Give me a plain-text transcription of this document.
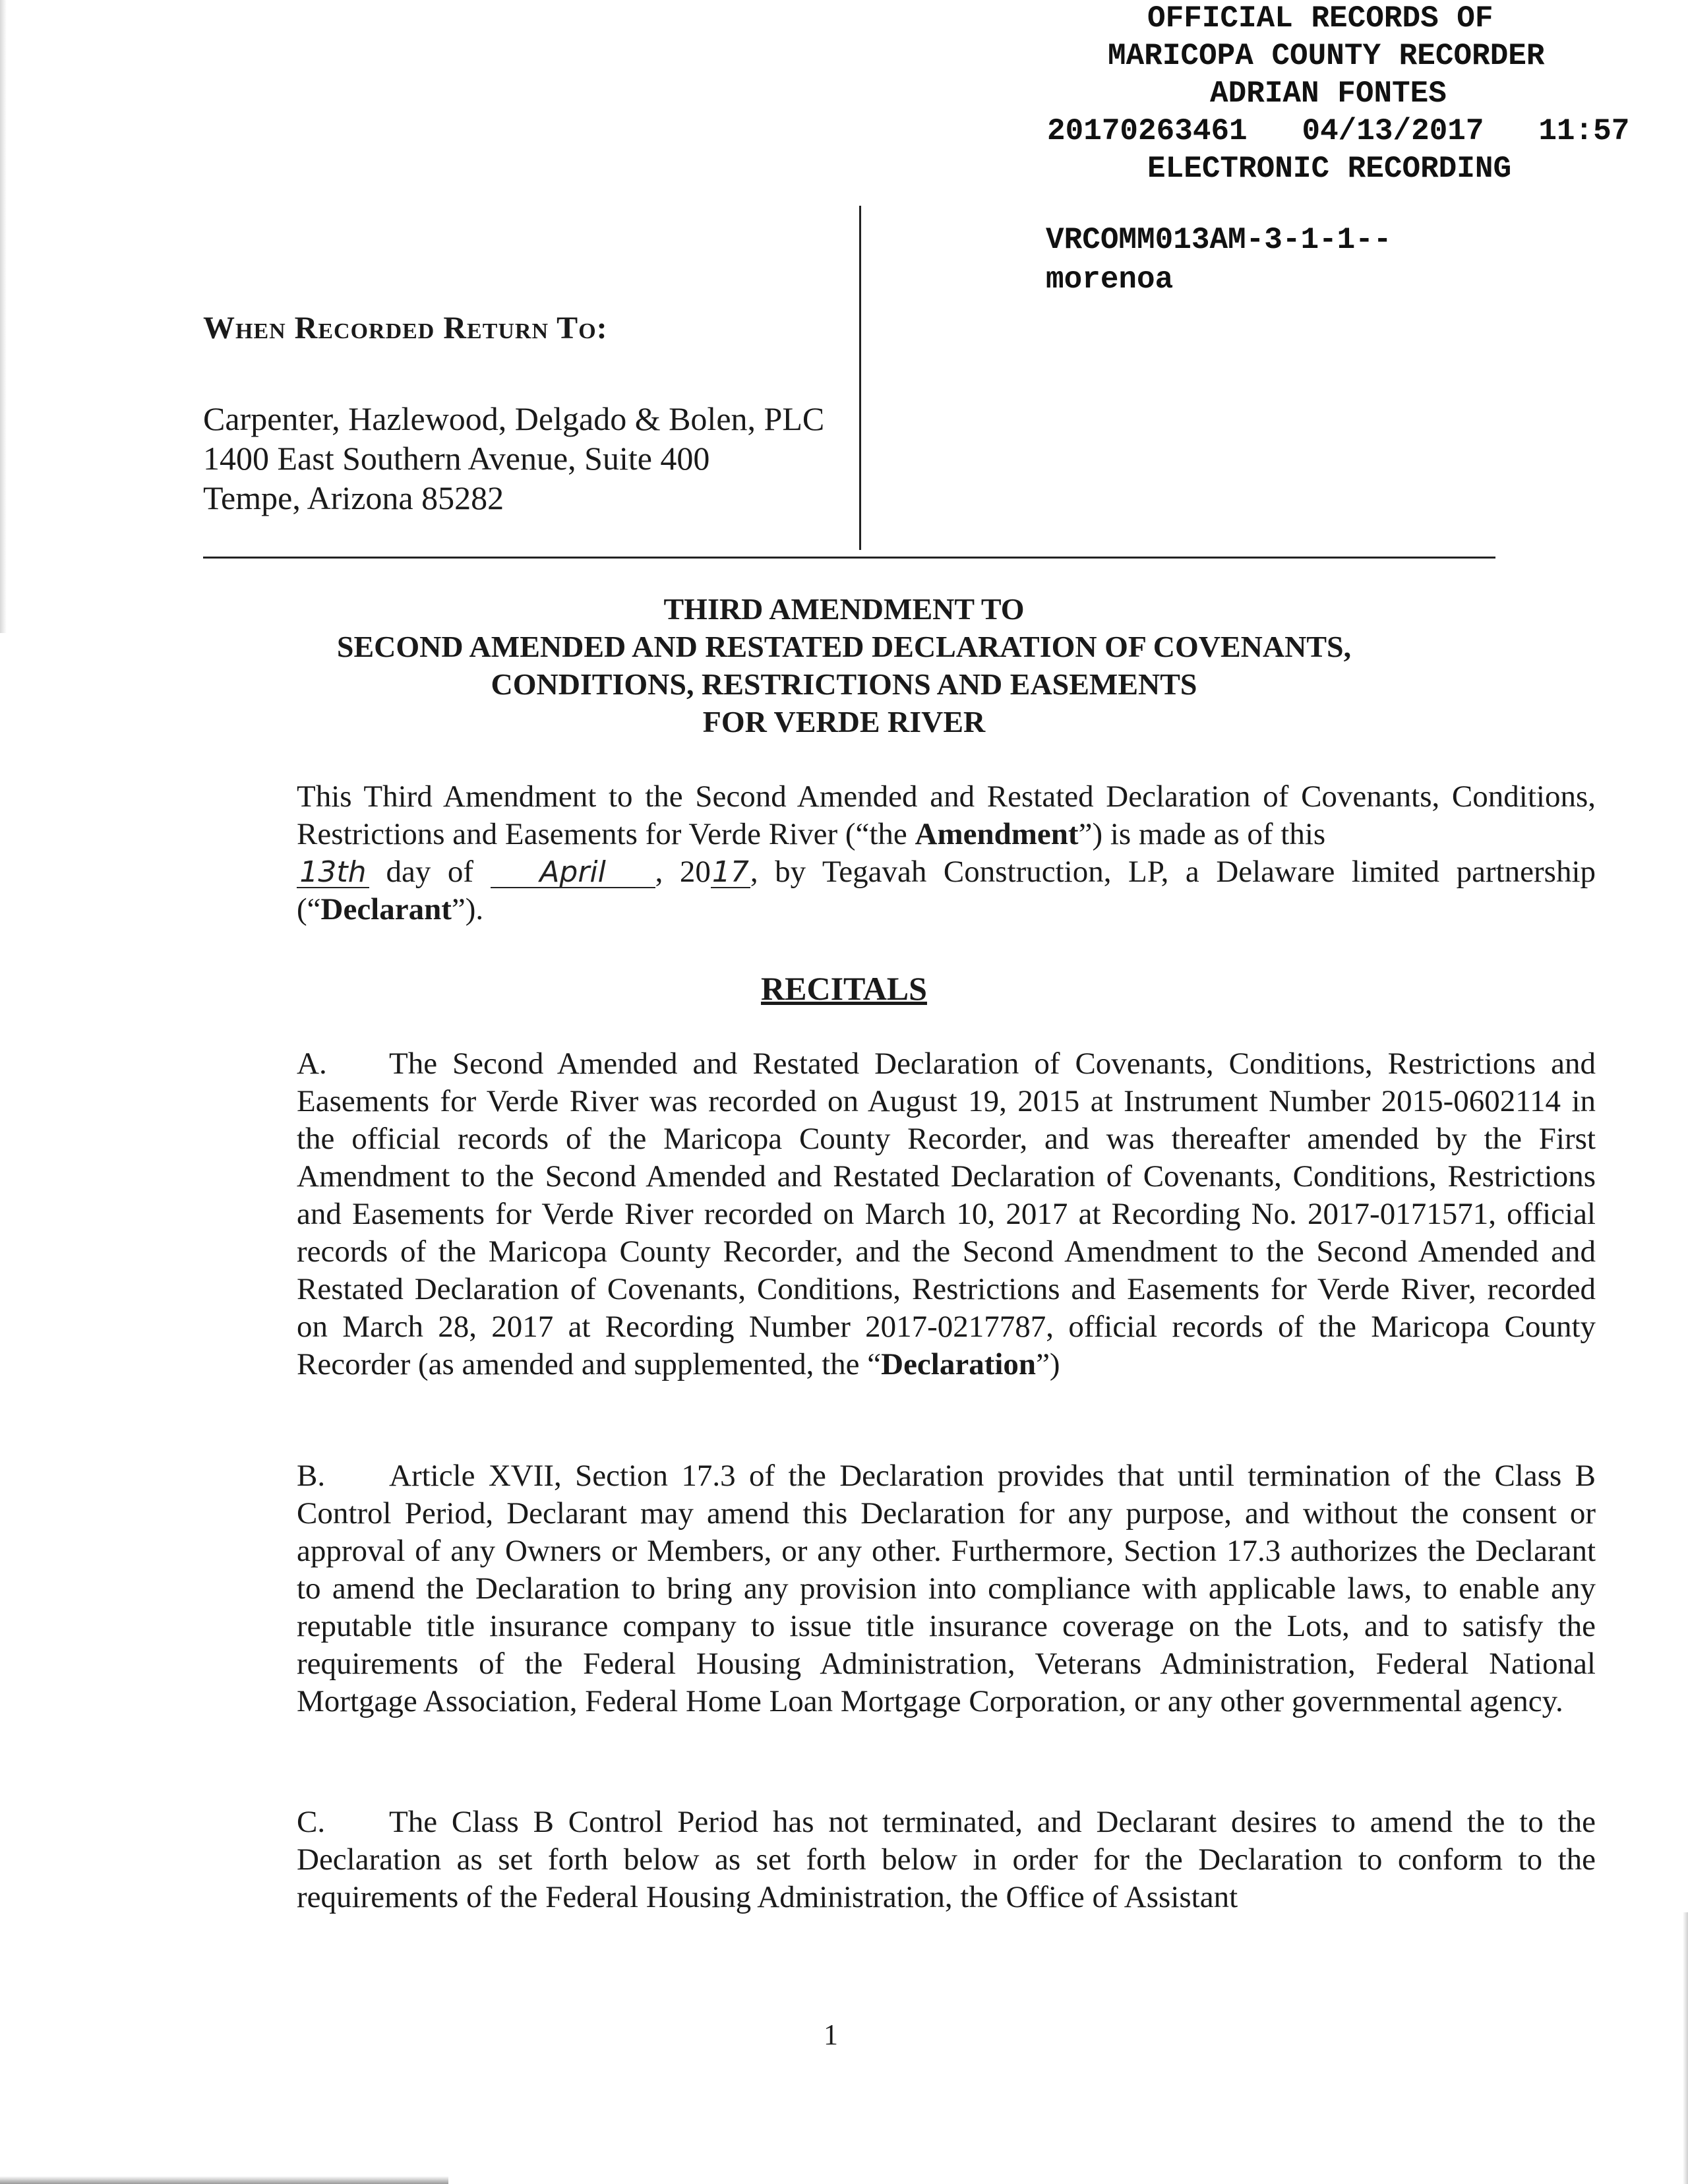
OFFICIAL RECORDS OF
MARICOPA COUNTY RECORDER
ADRIAN FONTES
20170263461   04/13/2017   11:57
ELECTRONIC RECORDING
VRCOMM013AM-3-1-1--
morenoa
When Recorded Return To:
Carpenter, Hazlewood, Delgado & Bolen, PLC
1400 East Southern Avenue, Suite 400
Tempe, Arizona 85282
THIRD AMENDMENT TO
SECOND AMENDED AND RESTATED DECLARATION OF COVENANTS,
CONDITIONS, RESTRICTIONS AND EASEMENTS
FOR VERDE RIVER
This Third Amendment to the Second Amended and Restated Declaration of Covenants, Conditions, Restrictions and Easements for Verde River (“the Amendment”) is made as of this
13th day of April , 2017, by Tegavah Construction, LP, a Delaware limited partnership (“Declarant”).
RECITALS
A. The Second Amended and Restated Declaration of Covenants, Conditions, Restrictions and Easements for Verde River was recorded on August 19, 2015 at Instrument Number 2015-0602114 in the official records of the Maricopa County Recorder, and was thereafter amended by the First Amendment to the Second Amended and Restated Declaration of Covenants, Conditions, Restrictions and Easements for Verde River recorded on March 10, 2017 at Recording No. 2017-0171571, official records of the Maricopa County Recorder, and the Second Amendment to the Second Amended and Restated Declaration of Covenants, Conditions, Restrictions and Easements for Verde River, recorded on March 28, 2017 at Recording Number 2017-0217787, official records of the Maricopa County Recorder (as amended and supplemented, the “Declaration”)
B. Article XVII, Section 17.3 of the Declaration provides that until termination of the Class B Control Period, Declarant may amend this Declaration for any purpose, and without the consent or approval of any Owners or Members, or any other. Furthermore, Section 17.3 authorizes the Declarant to amend the Declaration to bring any provision into compliance with applicable laws, to enable any reputable title insurance company to issue title insurance coverage on the Lots, and to satisfy the requirements of the Federal Housing Administration, Veterans Administration, Federal National Mortgage Association, Federal Home Loan Mortgage Corporation, or any other governmental agency.
C. The Class B Control Period has not terminated, and Declarant desires to amend the to the Declaration as set forth below as set forth below in order for the Declaration to conform to the requirements of the Federal Housing Administration, the Office of Assistant
1
